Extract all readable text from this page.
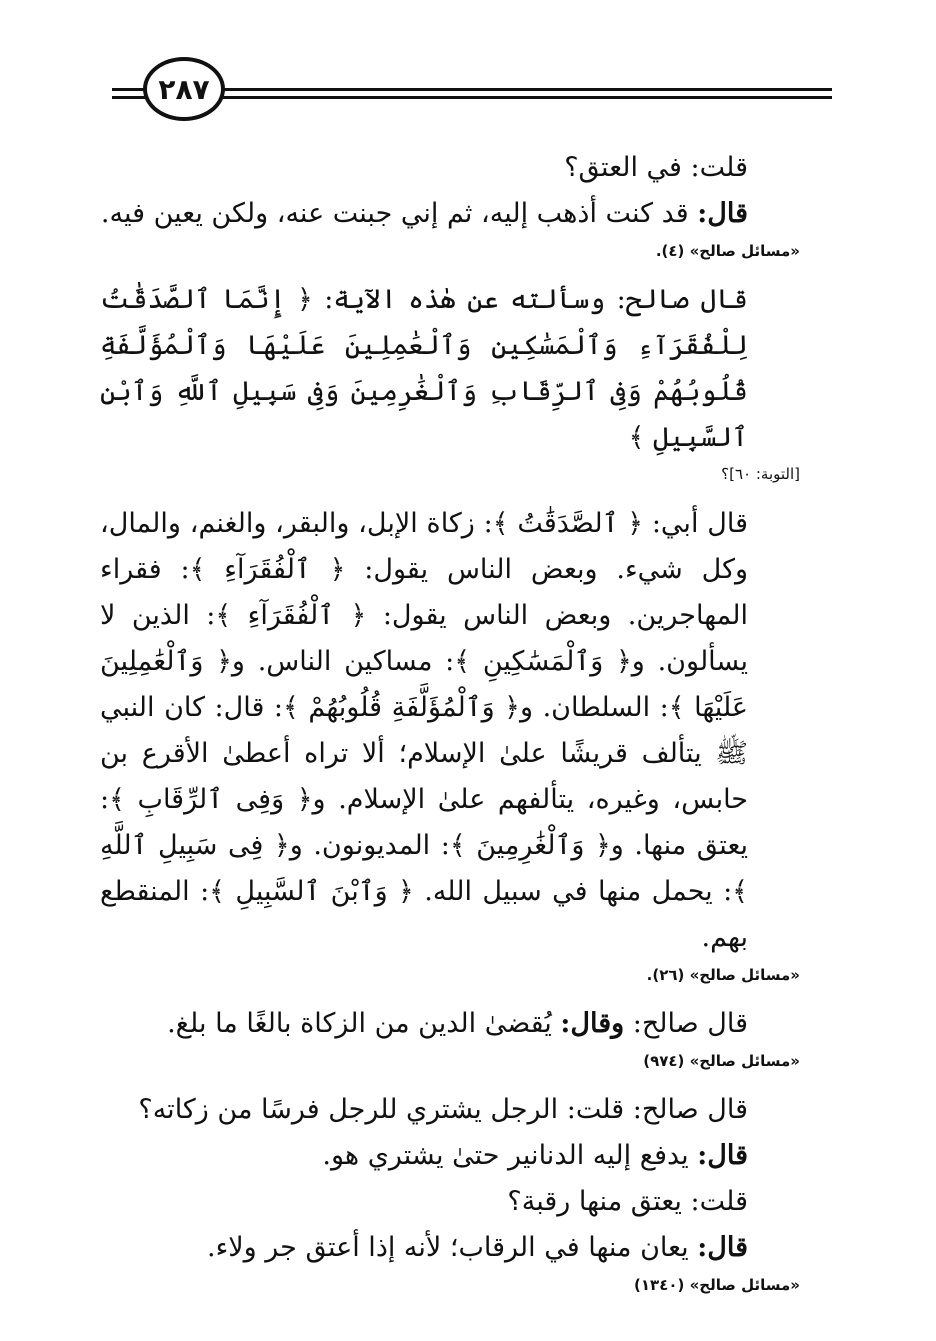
٢٨٧

قلت: في العتق؟

قال: قد كنت أذهب إليه، ثم إني جبنت عنه، ولكن يعين فيه.

«مسائل صالح» (٤).

قال صالح: وسألته عن هٰذه الآية: ﴿ إِنَّمَا ٱلصَّدَقَٰتُ لِلْفُقَرَآءِ وَٱلْمَسَٰكِينِ وَٱلْعَٰمِلِينَ عَلَيْهَا وَٱلْمُؤَلَّفَةِ قُلُوبُهُمْ وَفِى ٱلرِّقَابِ وَٱلْغَٰرِمِينَ وَفِى سَبِيلِ ٱللَّهِ وَٱبْنِ ٱلسَّبِيلِ ﴾

[التوبة: ٦٠]؟

قال أبي: ﴿ ٱلصَّدَقَٰتُ ﴾: زكاة الإبل، والبقر، والغنم، والمال، وكل شيء. وبعض الناس يقول: ﴿ ٱلْفُقَرَآءِ ﴾: فقراء المهاجرين. وبعض الناس يقول: ﴿ ٱلْفُقَرَآءِ ﴾: الذين لا يسألون. و﴿ وَٱلْمَسَٰكِينِ ﴾: مساكين الناس. و﴿ وَٱلْعَٰمِلِينَ عَلَيْهَا ﴾: السلطان. و﴿ وَٱلْمُؤَلَّفَةِ قُلُوبُهُمْ ﴾: قال: كان النبي ﷺ يتألف قريشًا علىٰ الإسلام؛ ألا تراه أعطىٰ الأقرع بن حابس، وغيره، يتألفهم علىٰ الإسلام. و﴿ وَفِى ٱلرِّقَابِ ﴾: يعتق منها. و﴿ وَٱلْغَٰرِمِينَ ﴾: المديونون. و﴿ فِى سَبِيلِ ٱللَّهِ ﴾: يحمل منها في سبيل الله. ﴿ وَٱبْنَ ٱلسَّبِيلِ ﴾: المنقطع بهم.

«مسائل صالح» (٢٦).

قال صالح: وقال: يُقضىٰ الدين من الزكاة بالغًا ما بلغ.

«مسائل صالح» (٩٧٤)

قال صالح: قلت: الرجل يشتري للرجل فرسًا من زكاته؟

قال: يدفع إليه الدنانير حتىٰ يشتري هو.

قلت: يعتق منها رقبة؟

قال: يعان منها في الرقاب؛ لأنه إذا أعتق جر ولاء.

«مسائل صالح» (١٣٤٠)
